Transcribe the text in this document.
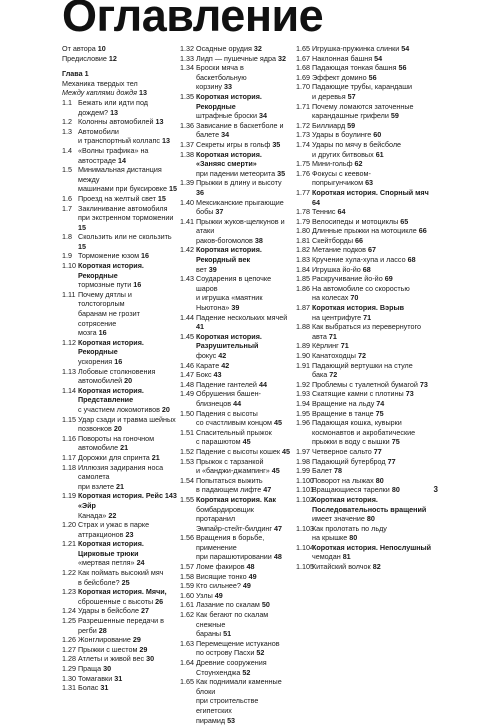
Оглавление
От автора 10
Предисловие 12
Глава 1
Механика твердых тел
Между каплями дождя 13
1.1 Бежать или идти под дождем? 13
1.2 Колонны автомобилей 13
1.3 Автомобили
и транспортный коллапс 13
1.4 «Волны трафика» на автостраде 14
1.5 Минимальная дистанция между
машинами при буксировке 15
1.6 Проезд на желтый свет 15
1.7 Заклинивание автомобиля
при экстренном торможении 15
1.8 Скользить или не скользить 15
1.9 Торможение юзом 16
1.10 Короткая история. Рекордные
тормозные пути 16
1.11 Почему дятлы и толстогорлым
баранам не грозит сотрясение
мозга 16
1.12 Короткая история. Рекордные
ускорения 16
1.13 Лобовые столкновения
автомобилей 20
1.14 Короткая история. Представление
с участием локомотивов 20
1.15 Удар сзади и травма шейных
позвонков 20
1.16 Повороты на гоночном
автомобиле 21
1.17 Дорожки для спринта 21
1.18 Иллюзия задирания носа самолета
при взлете 21
1.19 Короткая история. Рейс 143 «Эйр
Канада» 22
1.20 Страх и ужас в парке
аттракционов 23
1.21 Короткая история. Цирковые трюки
«мертвая петля» 24
1.22 Как поймать высокий мяч
в бейсболе? 25
1.23 Короткая история. Мячи,
сброшенные с высоты 26
1.24 Удары в бейсболе 27
1.25 Разрешенные передачи в регби 28
1.26 Жонглирование 29
1.27 Прыжки с шестом 29
1.28 Атлеты и живой вес 30
1.29 Праща 30
1.30 Томагавки 31
1.31 Болас 31
1.32 Осадные орудия 32
1.33 Лидп — пушечные ядра 32
1.34 Броски мяча в баскетбольную
корзину 33
1.35 Короткая история. Рекордные
штрафные броски 34
1.36 Зависание в баскетболе и балете 34
1.37 Секреты игры в гольф 35
1.38 Короткая история. «Заняяс смерти»
при падении метеорита 35
1.39 Прыжки в длину и высоту 36
1.40 Мексиканские прыгающие бобы 37
1.41 Прыжки жуков-щелкунов и атаки
раков-богомолов 38
1.42 Короткая история. Рекордный век
вет 39
1.43 Соударения в цепочке шаров
и игрушка «маятник Ньютона» 39
1.44 Падение нескольких мячей 41
1.45 Короткая история. Разрушительный
фокус 42
1.46 Карате 42
1.47 Бокс 43
1.48 Падение гантелей 44
1.49 Обрушения башен-близнецов 44
1.50 Падения с высоты
со счастливым концом 45
1.51 Спасительный прыжок
с парашютом 45
1.52 Падение с высоты кошек 45
1.53 Прыжок с тарзанкой
и «банджи-джампинг» 45
1.54 Попытаться выжить
в падающем лифте 47
1.55 Короткая история. Как
бомбардировщик протаранил
Эмпайр-стейт-билдинг 47
1.56 Вращения в борьбе, применение
при парашютировании 48
1.57 Ломе факиров 48
1.58 Висящие тонко 49
1.59 Кто сильнее? 49
1.60 Узлы 49
1.61 Лазание по скалам 50
1.62 Как бегают по скалам снежные
бараны 51
1.63 Перемещение истуканов
по острову Пасхи 52
1.64 Древние сооружения
Стоунхенджа 52
1.65 Как поднимали каменные блоки
при строительстве египетских
пирамид 53
1.65 Игрушка-пружинка слинки 54
1.67 Наклонная башня 54
1.68 Падающая тонкая башня 56
1.69 Эффект домино 56
1.70 Падающие трубы, карандаши
и деревья 57
1.71 Почему ломаются заточенные
карандашные грифели 59
1.72 Биллиард 59
1.73 Удары в боулинге 60
1.74 Удары по мячу в бейсболе
и других битвовых 61
1.75 Мини-гольф 62
1.76 Фокусы с кеевом-
попрыгунчиком 63
1.77 Короткая история. Спорный мяч 64
1.78 Теннис 64
1.79 Велосипеды и мотоциклы 65
1.80 Длинные прыжки на мотоцикле 66
1.81 Скейтборды 66
1.82 Метание подков 67
1.83 Кручение хула-хупа и лассо 68
1.84 Игрушка йо-йо 68
1.85 Раскручивание йо-йо 69
1.86 На автомобиле со скоростью
на колесах 70
1.87 Короткая история. Вэрыв
на центрифуге 71
1.88 Как выбраться из перевернутого
авта 71
1.89 Кёрлинг 71
1.90 Канатоходцы 72
1.91 Падающий вертушки на стуле
бака 72
1.92 Проблемы с туалетной бумагой 73
1.93 Скатящие камни с плотины 73
1.94 Вращение на льду 74
1.95 Вращение в танце 75
1.96 Падающая кошка, кувырки
космонавтов и акробатические
прыжки в воду с вышки 75
1.97 Четверное сальто 77
1.98 Падающий бутерброд 77
1.99 Балет 78
1.100
Поворот на лыжах 80
1.101
Вращающиеся тарелки 80
1.102
Короткая история. Последовательность вращений
имеет значение 80
1.103
Как пролотать по льду
на крышке 80
1.104
Короткая история. Непослушный
чемодан 81
1.105
Китайский волчок 82
3
